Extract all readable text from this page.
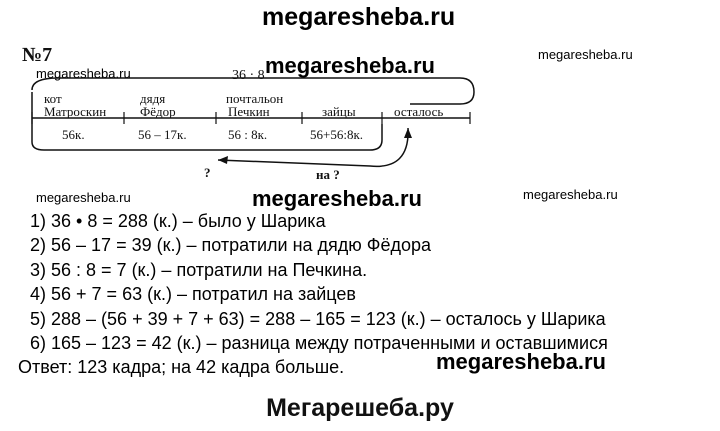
megaresheba.ru
megaresheba.ru
megaresheba.ru
megaresheba.ru
megaresheba.ru	megaresheba.ru	megaresheba.ru
megaresheba.ru
№7
36 · 8
кот
Матроскин
56к.
дядя
Фёдор
56 – 17к.
почтальон
Печкин
56 : 8к.
зайцы
56+56:8к.
осталось
?	на ?
1) 36 • 8 = 288 (к.) – было у Шарика
2) 56 – 17 = 39 (к.) – потратили на дядю Фёдора
3) 56 : 8 = 7 (к.) – потратили на Печкина.
4) 56 + 7 = 63 (к.) – потратил на зайцев
5) 288 – (56 + 39 + 7 + 63) = 288 – 165 = 123 (к.) – осталось у Шарика
6) 165 – 123 = 42 (к.) – разница между потраченными и оставшимися
Ответ: 123 кадра; на 42 кадра больше.
Мегарешеба.ру
